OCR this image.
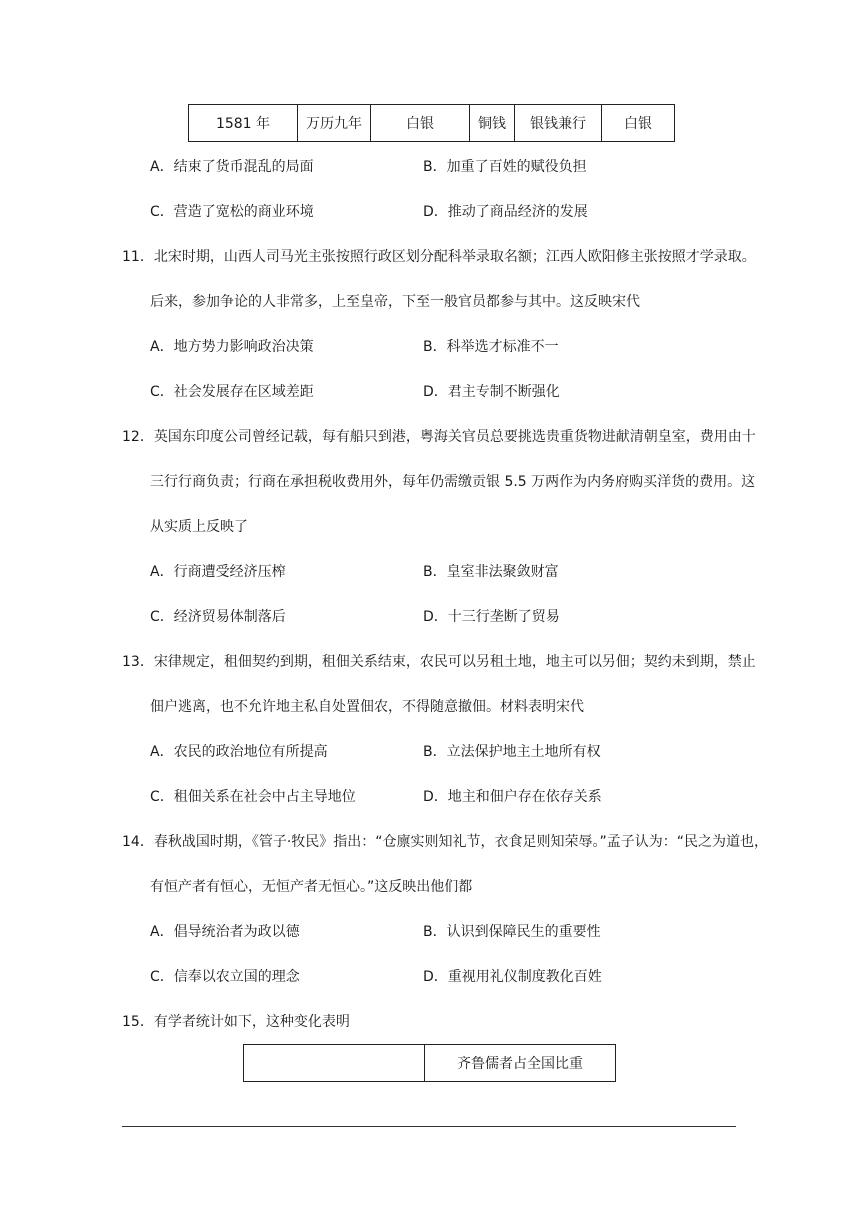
1581 年	万历九年	白银	铜钱	银钱兼行	白银
A．结束了货币混乱的局面	B．加重了百姓的赋役负担
C．营造了宽松的商业环境	D．推动了商品经济的发展
11．北宋时期，山西人司马光主张按照行政区划分配科举录取名额；江西人欧阳修主张按照才学录取。
后来，参加争论的人非常多，上至皇帝，下至一般官员都参与其中。这反映宋代
A．地方势力影响政治决策	B．科举选才标准不一
C．社会发展存在区域差距	D．君主专制不断强化
12．英国东印度公司曾经记载，每有船只到港，粤海关官员总要挑选贵重货物进献清朝皇室，费用由十
三行行商负责；行商在承担税收费用外，每年仍需缴贡银 5.5 万两作为内务府购买洋货的费用。这
从实质上反映了
A．行商遭受经济压榨	B．皇室非法聚敛财富
C．经济贸易体制落后	D．十三行垄断了贸易
13．宋律规定，租佃契约到期，租佃关系结束，农民可以另租土地，地主可以另佃；契约未到期，禁止
佃户逃离，也不允许地主私自处置佃农，不得随意撤佃。材料表明宋代
A．农民的政治地位有所提高	B．立法保护地主土地所有权
C．租佃关系在社会中占主导地位	D．地主和佃户存在依存关系
14．春秋战国时期，《管子·牧民》指出：“仓廪实则知礼节，衣食足则知荣辱。”孟子认为：“民之为道也，
有恒产者有恒心，无恒产者无恒心。”这反映出他们都
A．倡导统治者为政以德	B．认识到保障民生的重要性
C．信奉以农立国的理念	D．重视用礼仪制度教化百姓
15．有学者统计如下，这种变化表明
	齐鲁儒者占全国比重
